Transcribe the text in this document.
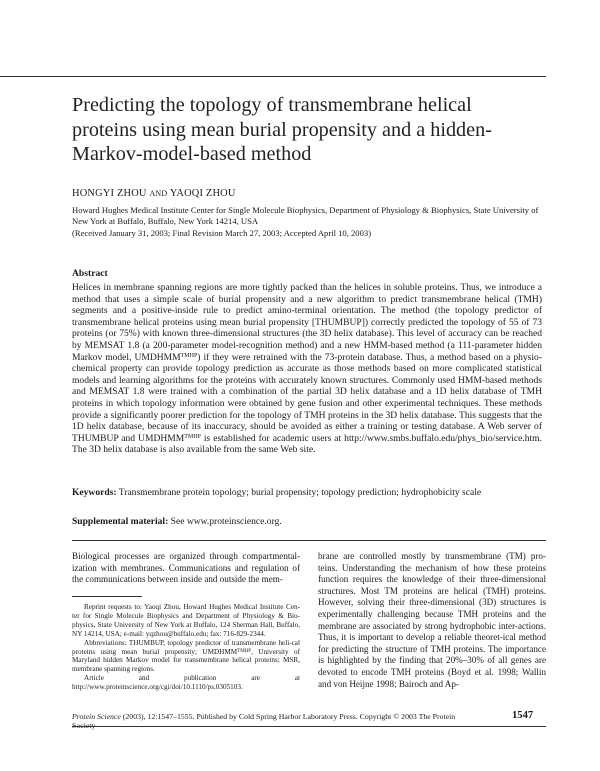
Predicting the topology of transmembrane helical proteins using mean burial propensity and a hidden-Markov-model-based method
HONGYI ZHOU AND YAOQI ZHOU
Howard Hughes Medical Institute Center for Single Molecule Biophysics, Department of Physiology & Biophysics, State University of New York at Buffalo, Buffalo, New York 14214, USA
(Received January 31, 2003; Final Revision March 27, 2003; Accepted April 10, 2003)
Abstract
Helices in membrane spanning regions are more tightly packed than the helices in soluble proteins. Thus, we introduce a method that uses a simple scale of burial propensity and a new algorithm to predict transmembrane helical (TMH) segments and a positive-inside rule to predict amino-terminal orientation. The method (the topology predictor of transmembrane helical proteins using mean burial propensity [THUMBUP]) correctly predicted the topology of 55 of 73 proteins (or 75%) with known three-dimensional structures (the 3D helix database). This level of accuracy can be reached by MEMSAT 1.8 (a 200-parameter model-recognition method) and a new HMM-based method (a 111-parameter hidden Markov model, $UMDHMM^{TMHP}$) if they were retrained with the 73-protein database. Thus, a method based on a physio-chemical property can provide topology prediction as accurate as those methods based on more complicated statistical models and learning algorithms for the proteins with accurately known structures. Commonly used HMM-based methods and MEMSAT 1.8 were trained with a combination of the partial 3D helix database and a 1D helix database of TMH proteins in which topology information were obtained by gene fusion and other experimental techniques. These methods provide a significantly poorer prediction for the topology of TMH proteins in the 3D helix database. This suggests that the 1D helix database, because of its inaccuracy, should be avoided as either a training or testing database. A Web server of THUMBUP and $UMDHMM^{TMHP}$ is established for academic users at http://www.smbs.buffalo.edu/phys_bio/service.htm. The 3D helix database is also available from the same Web site.
Keywords: Transmembrane protein topology; burial propensity; topology prediction; hydrophobicity scale
Supplemental material: See www.proteinscience.org.
Biological processes are organized through compartmental-ization with membranes. Communications and regulation of the communications between inside and outside the mem-

Reprint requests to: Yaoqi Zhou, Howard Hughes Medical Institute Cen-ter for Single Molecule Biophysics and Department of Physiology & Bio-physics, State University of New York at Buffalo, 124 Sherman Hall, Buffalo, NY 14214, USA; e-mail: yqzhou@buffalo.edu; fax: 716-829-2344.

Abbreviations: THUMBUP, topology predictor of transmembrane heli-cal proteins using mean burial propensity; $UMDHMM^{TMHP}$, University of Maryland hidden Markov model for transmembrane helical proteins; MSR, membrane spanning regions.

Article and publication are at http://www.proteinscience.org/cgi/doi/10.1110/ps.0305103.

brane are controlled mostly by transmembrane (TM) pro-teins. Understanding the mechanism of how these proteins function requires the knowledge of their three-dimensional structures. Most TM proteins are helical (TMH) proteins. However, solving their three-dimensional (3D) structures is experimentally challenging because TMH proteins and the membrane are associated by strong hydrophobic inter-actions. Thus, it is important to develop a reliable theoret-ical method for predicting the structure of TMH proteins. The importance is highlighted by the finding that 20%–30% of all genes are devoted to encode TMH proteins (Boyd et al. 1998; Wallin and von Heijne 1998; Bairoch and Ap-
Protein Science (2003), 12:1547–1555. Published by Cold Spring Harbor Laboratory Press. Copyright © 2003 The Protein	1547
